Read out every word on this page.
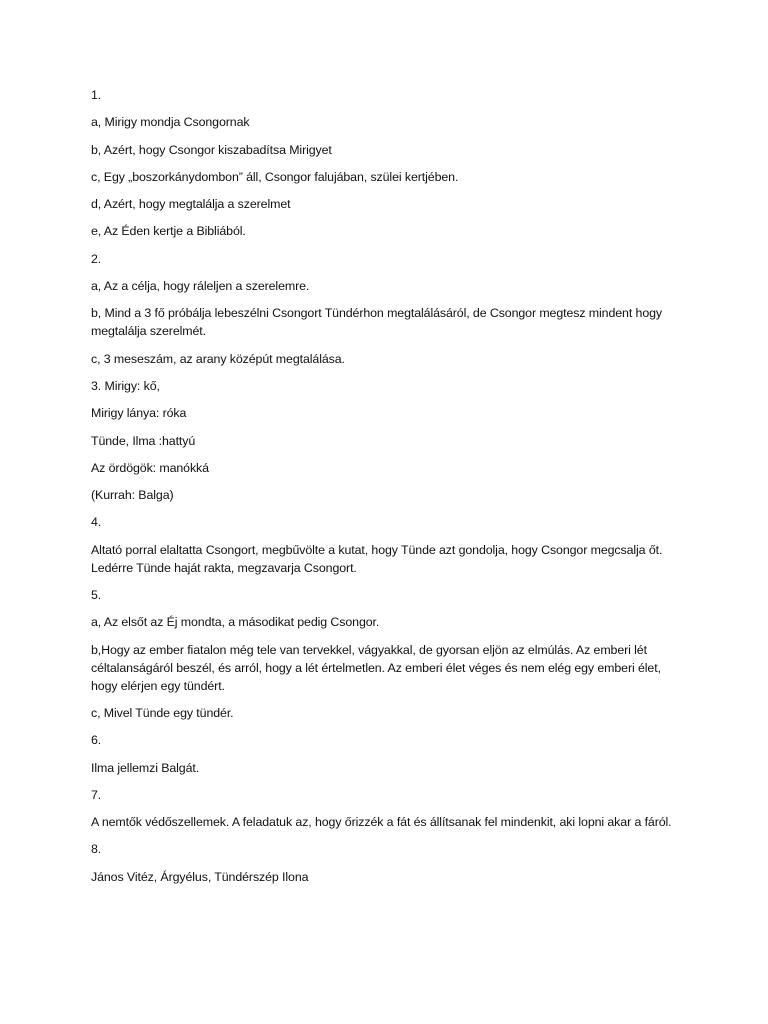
1.
a, Mirigy mondja Csongornak
b, Azért, hogy Csongor kiszabadítsa Mirigyet
c, Egy „boszorkánydombon” áll, Csongor falujában, szülei kertjében.
d, Azért, hogy megtalálja a szerelmet
e, Az Éden kertje a Bibliából.
2.
a, Az a célja, hogy ráleljen a szerelemre.
b, Mind a 3 fő próbálja lebeszélni Csongort Tündérhon megtalálásáról, de Csongor megtesz mindent hogy megtalálja szerelmét.
c, 3 meseszám, az arany középút megtalálása.
3. Mirigy: kő,
Mirigy lánya: róka
Tünde, Ilma :hattyú
Az ördögök: manókká
(Kurrah: Balga)
4.
Altató porral elaltatta Csongort, megbűvölte a kutat, hogy Tünde azt gondolja, hogy Csongor megcsalja őt. Ledérre Tünde haját rakta, megzavarja Csongort.
5.
a, Az elsőt az Éj mondta, a másodikat pedig Csongor.
b,Hogy az ember fiatalon még tele van tervekkel, vágyakkal, de gyorsan eljön az elmúlás. Az emberi lét céltalanságáról beszél, és arról, hogy a lét értelmetlen. Az emberi élet véges és nem elég egy emberi élet, hogy elérjen egy tündért.
c, Mivel Tünde egy tündér.
6.
Ilma jellemzi Balgát.
7.
A nemtők védőszellemek. A feladatuk az, hogy őrizzék a fát és állítsanak fel mindenkit, aki lopni akar a fáról.
8.
János Vitéz, Árgyélus, Tündérszép Ilona
